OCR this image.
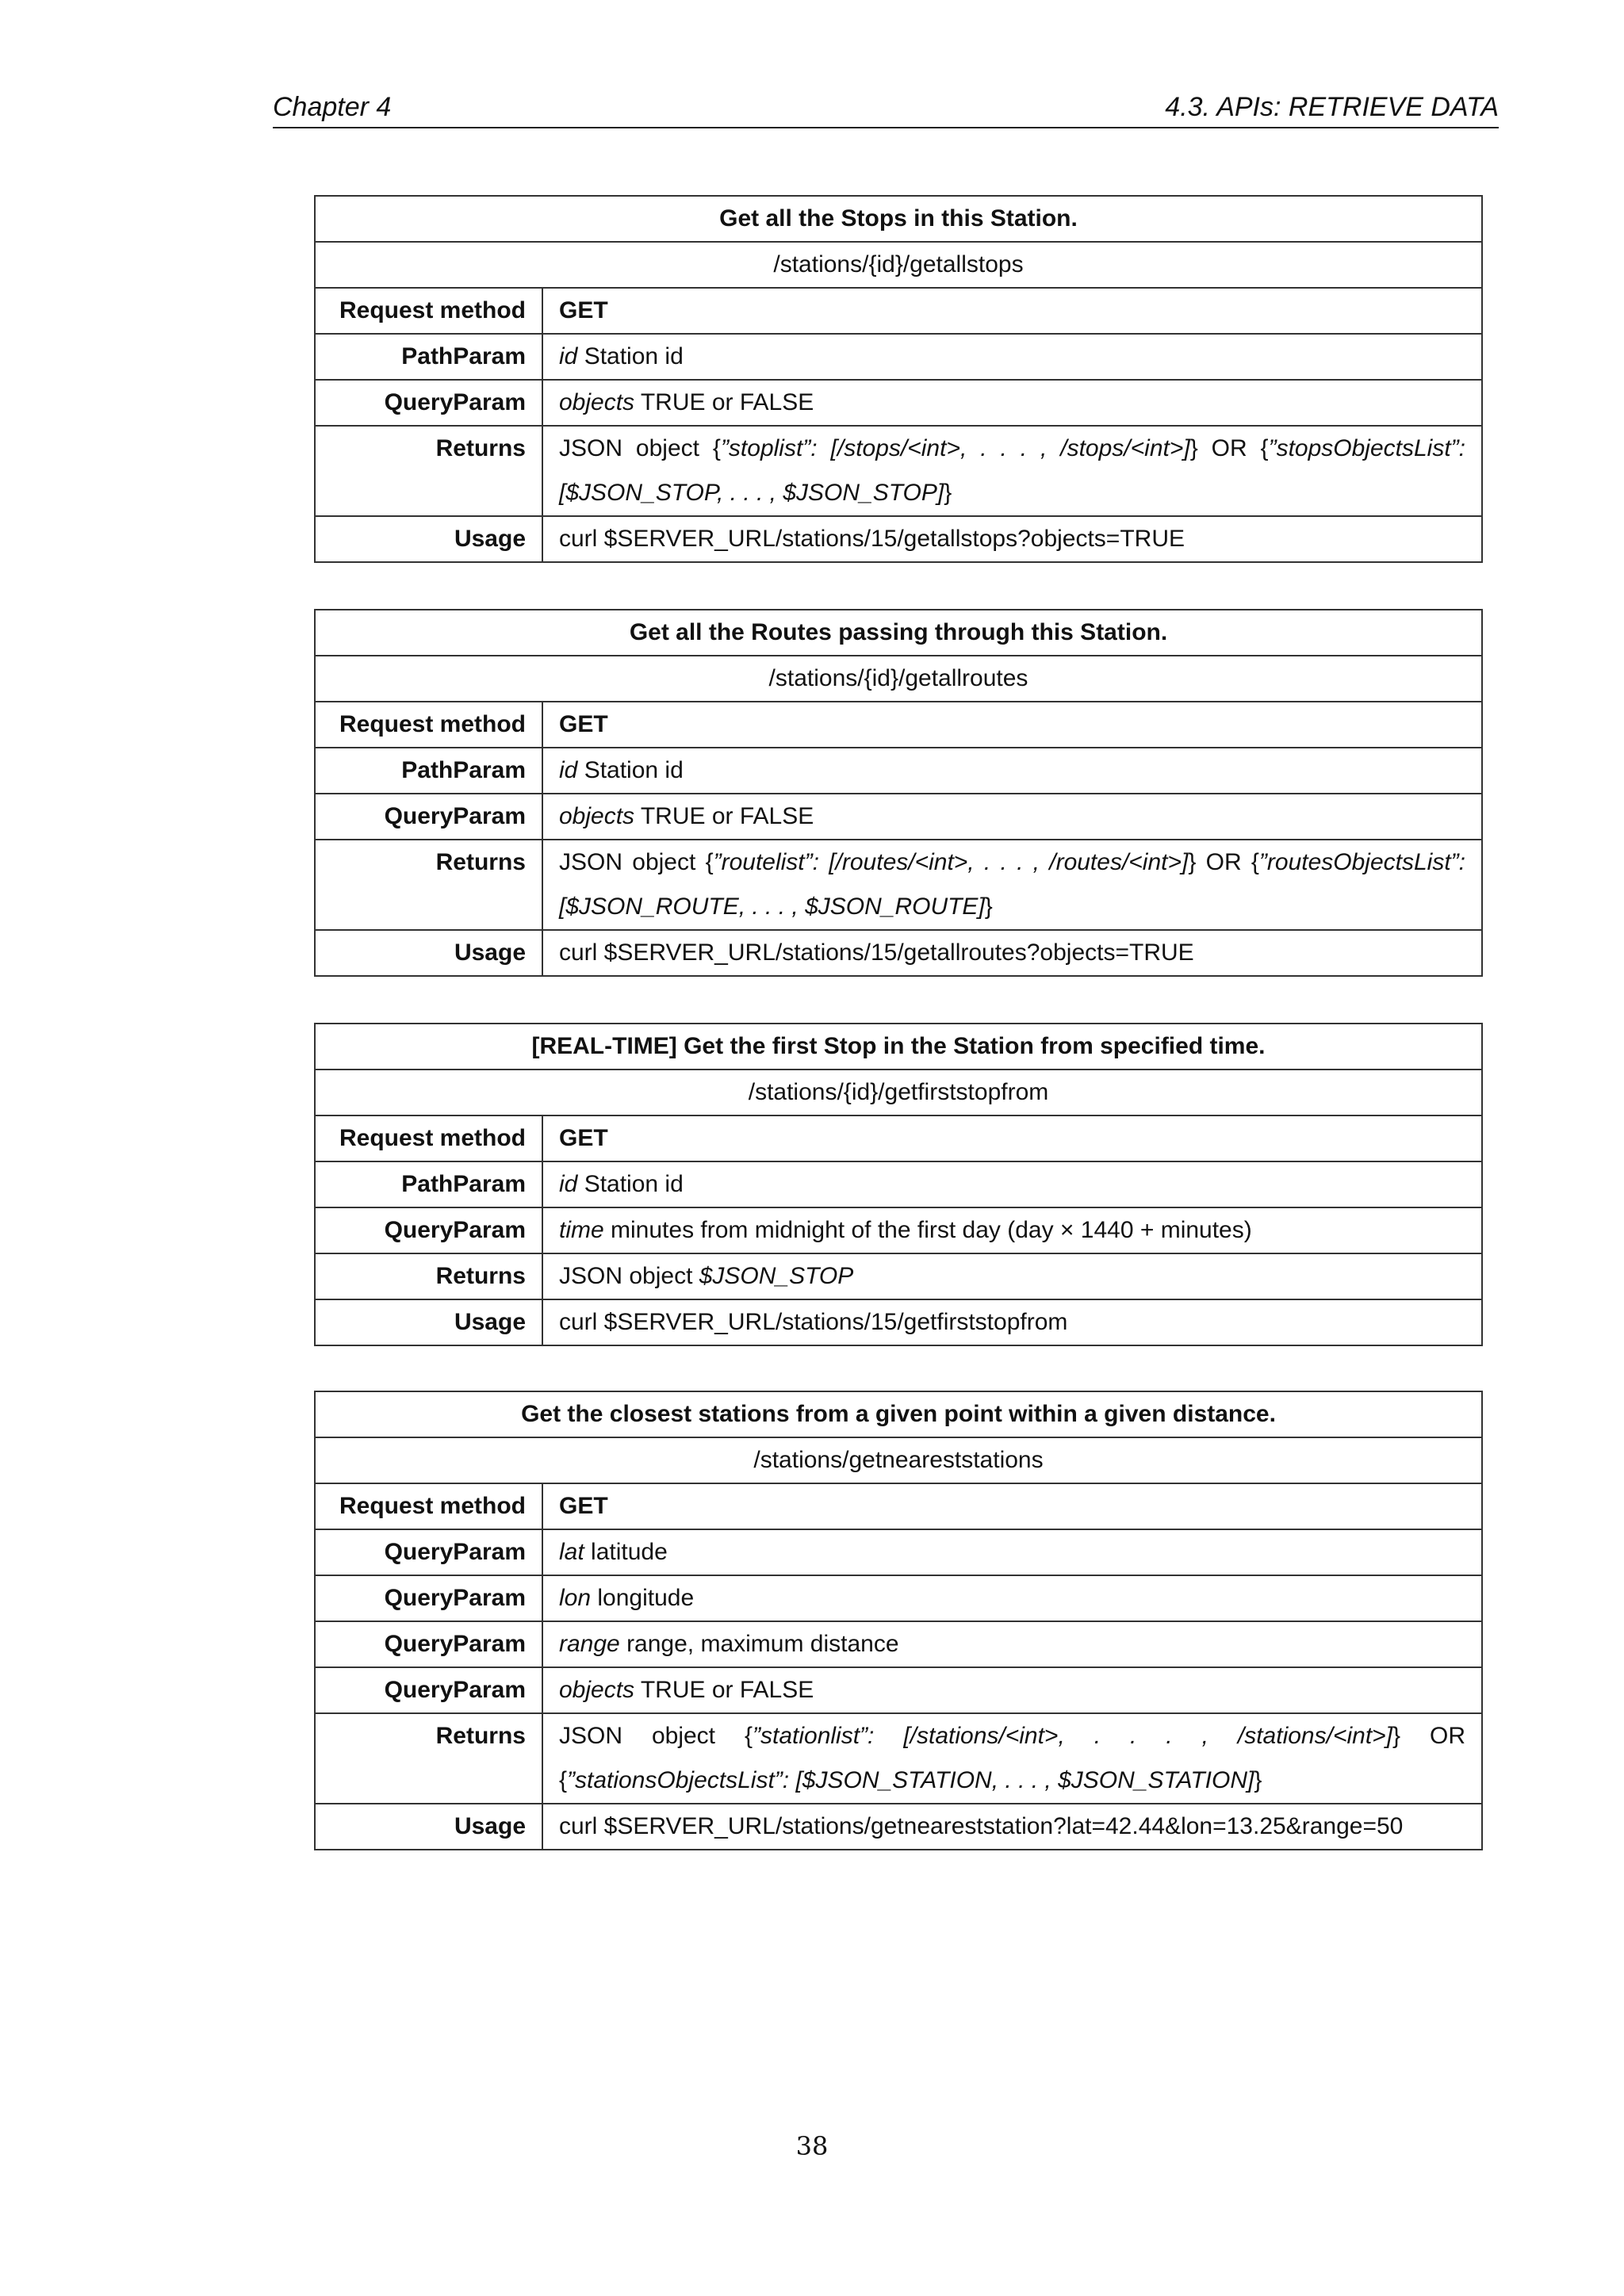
Chapter 4	4.3. APIs: RETRIEVE DATA
Get all the Stops in this Station.	
/stations/{id}/getallstops	
Request method	GET
PathParam	id Station id
QueryParam	objects TRUE or FALSE
Returns	JSON object {”stoplist”: [/stops/<int>, . . . , /stops/<int>]} OR {”stopsObjectsList”: [$JSON_STOP, . . . , $JSON_STOP]}
Usage	curl $SERVER_URL/stations/15/getallstops?objects=TRUE
Get all the Routes passing through this Station.	
/stations/{id}/getallroutes	
Request method	GET
PathParam	id Station id
QueryParam	objects TRUE or FALSE
Returns	JSON object {”routelist”: [/routes/<int>, . . . , /routes/<int>]} OR {”routesObjectsList”: [$JSON_ROUTE, . . . , $JSON_ROUTE]}
Usage	curl $SERVER_URL/stations/15/getallroutes?objects=TRUE
[REAL-TIME] Get the first Stop in the Station from specified time.	
/stations/{id}/getfirststopfrom	
Request method	GET
PathParam	id Station id
QueryParam	time minutes from midnight of the first day (day × 1440 + minutes)
Returns	JSON object $JSON_STOP
Usage	curl $SERVER_URL/stations/15/getfirststopfrom
Get the closest stations from a given point within a given distance.	
/stations/getneareststations	
Request method	GET
QueryParam	lat latitude
QueryParam	lon longitude
QueryParam	range range, maximum distance
QueryParam	objects TRUE or FALSE
Returns	JSON object {”stationlist”: [/stations/<int>, . . . , /stations/<int>]} OR {”stationsObjectsList”: [$JSON_STATION, . . . , $JSON_STATION]}
Usage	curl $SERVER_URL/stations/getneareststation?lat=42.44&lon=13.25&range=50
38
